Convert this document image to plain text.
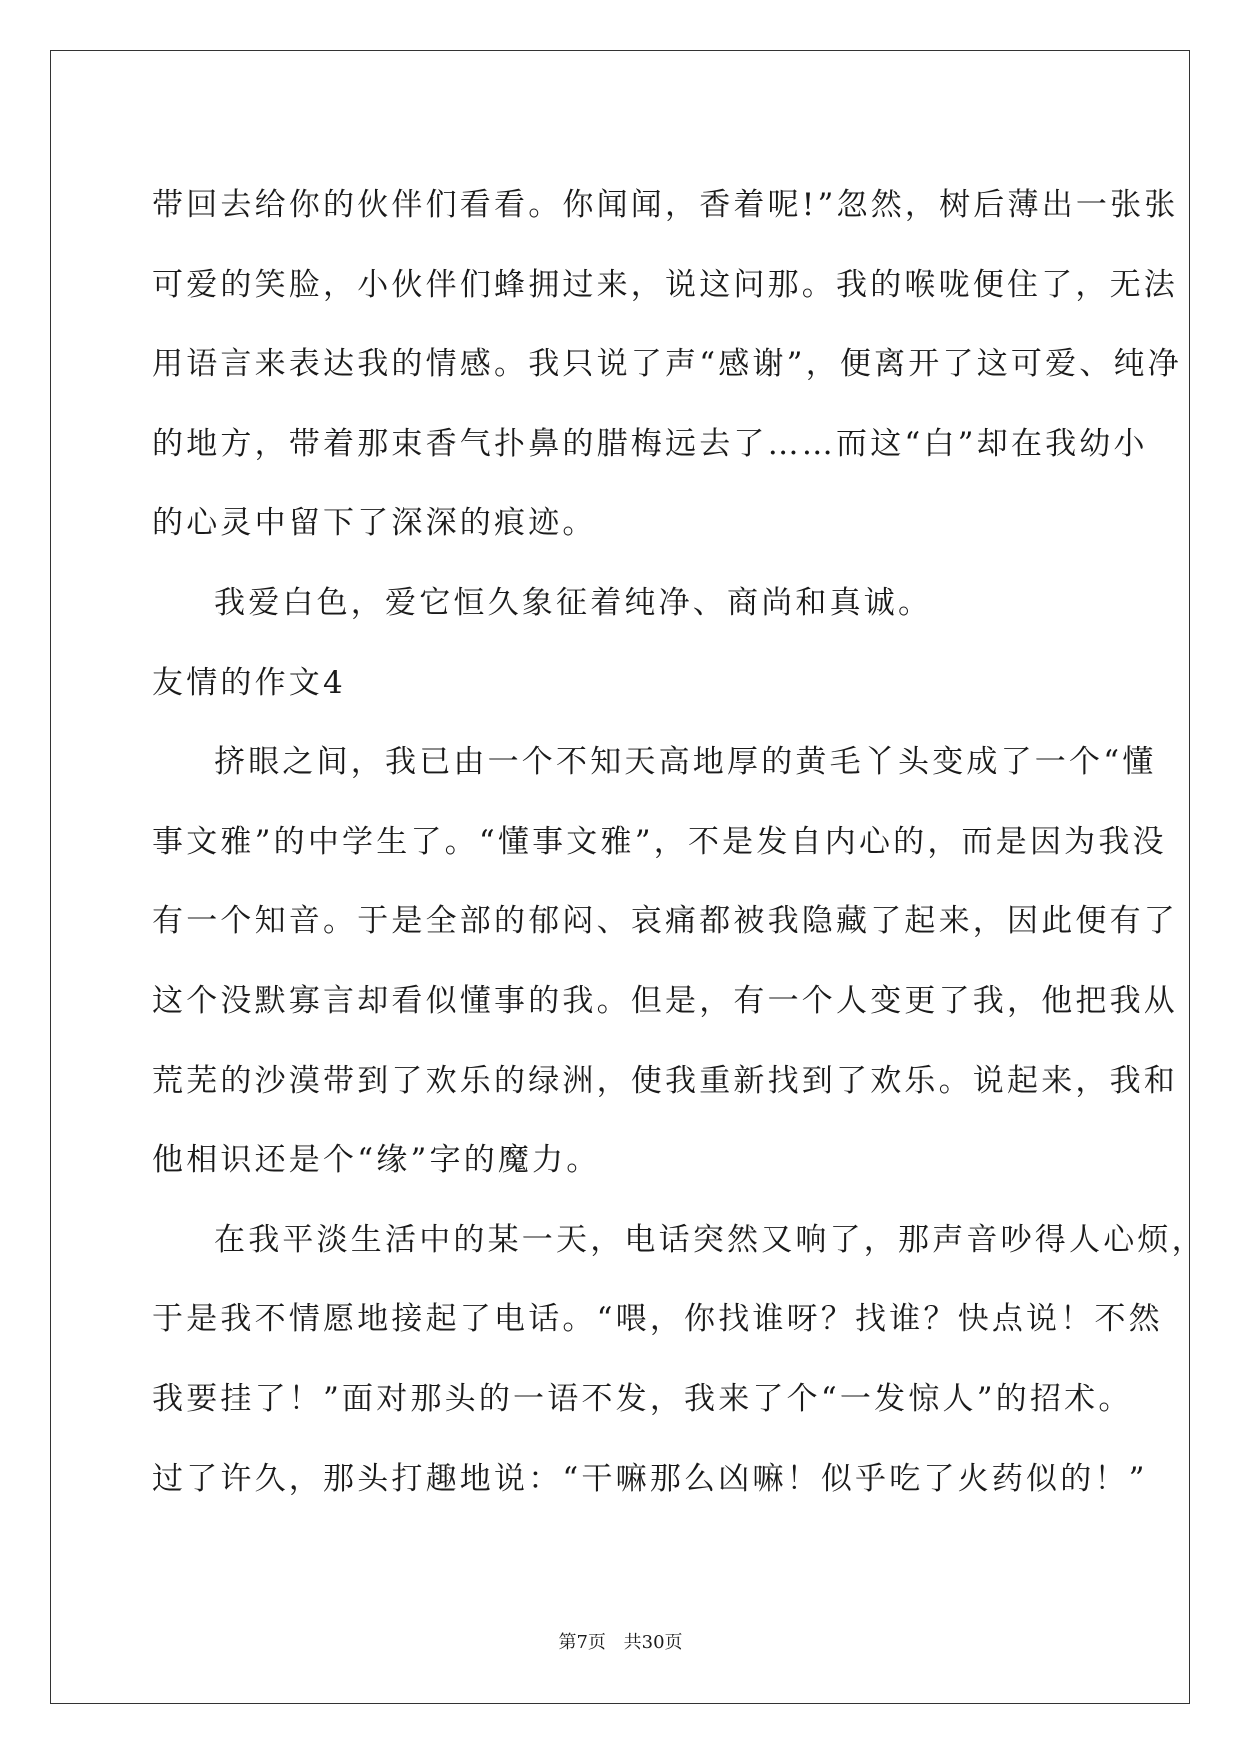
带回去给你的伙伴们看看。你闻闻，香着呢!”忽然，树后薄出一张张
可爱的笑脸，小伙伴们蜂拥过来，说这问那。我的喉咙便住了，无法
用语言来表达我的情感。我只说了声“感谢”，便离开了这可爱、纯净
的地方，带着那束香气扑鼻的腊梅远去了……而这“白”却在我幼小
的心灵中留下了深深的痕迹。
我爱白色，爱它恒久象征着纯净、商尚和真诚。
友情的作文4
挤眼之间，我已由一个不知天高地厚的黄毛丫头变成了一个“懂
事文雅”的中学生了。“懂事文雅”，不是发自内心的，而是因为我没
有一个知音。于是全部的郁闷、哀痛都被我隐藏了起来，因此便有了
这个没默寡言却看似懂事的我。但是，有一个人变更了我，他把我从
荒芜的沙漠带到了欢乐的绿洲，使我重新找到了欢乐。说起来，我和
他相识还是个“缘”字的魔力。
在我平淡生活中的某一天，电话突然又响了，那声音吵得人心烦，
于是我不情愿地接起了电话。“喂，你找谁呀？找谁？快点说！不然
我要挂了！”面对那头的一语不发，我来了个“一发惊人”的招术。
过了许久，那头打趣地说：“干嘛那么凶嘛！似乎吃了火药似的！”
第7页 共30页
